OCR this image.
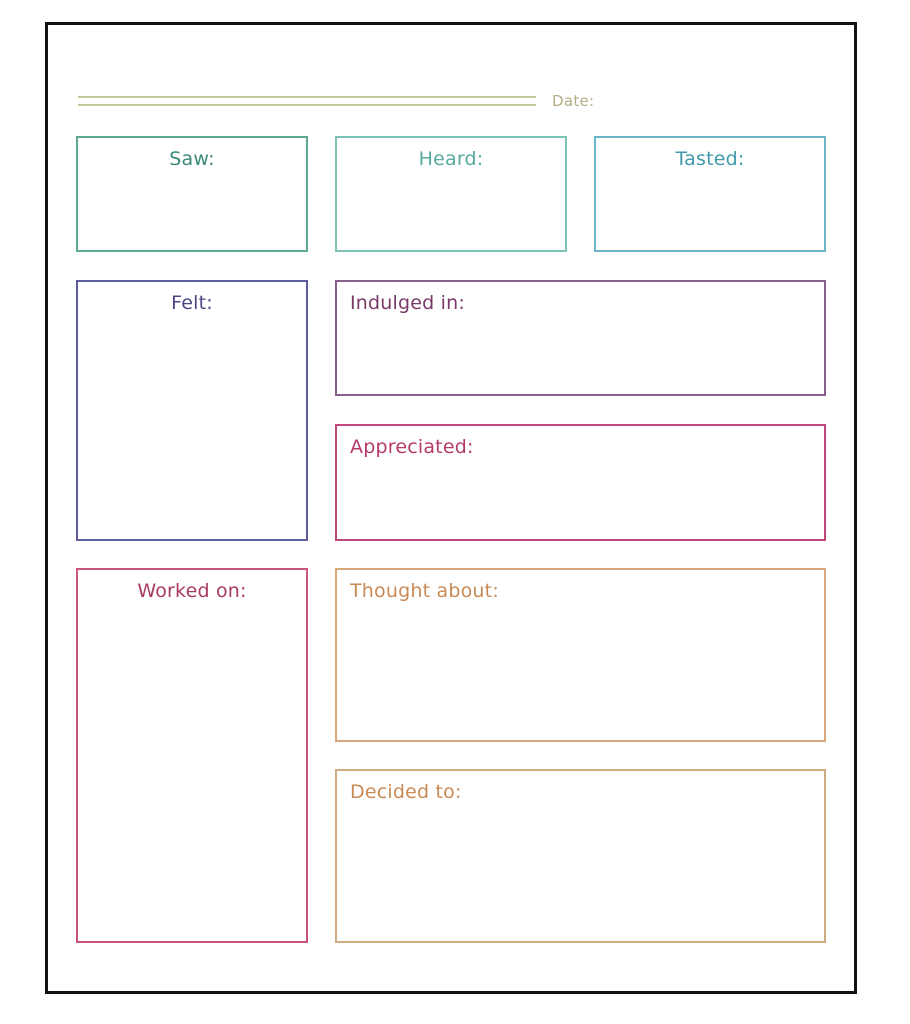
Date:
Saw:	Heard:	Tasted:
Felt:	Indulged in:
Appreciated:
Worked on:	Thought about:
Decided to:
